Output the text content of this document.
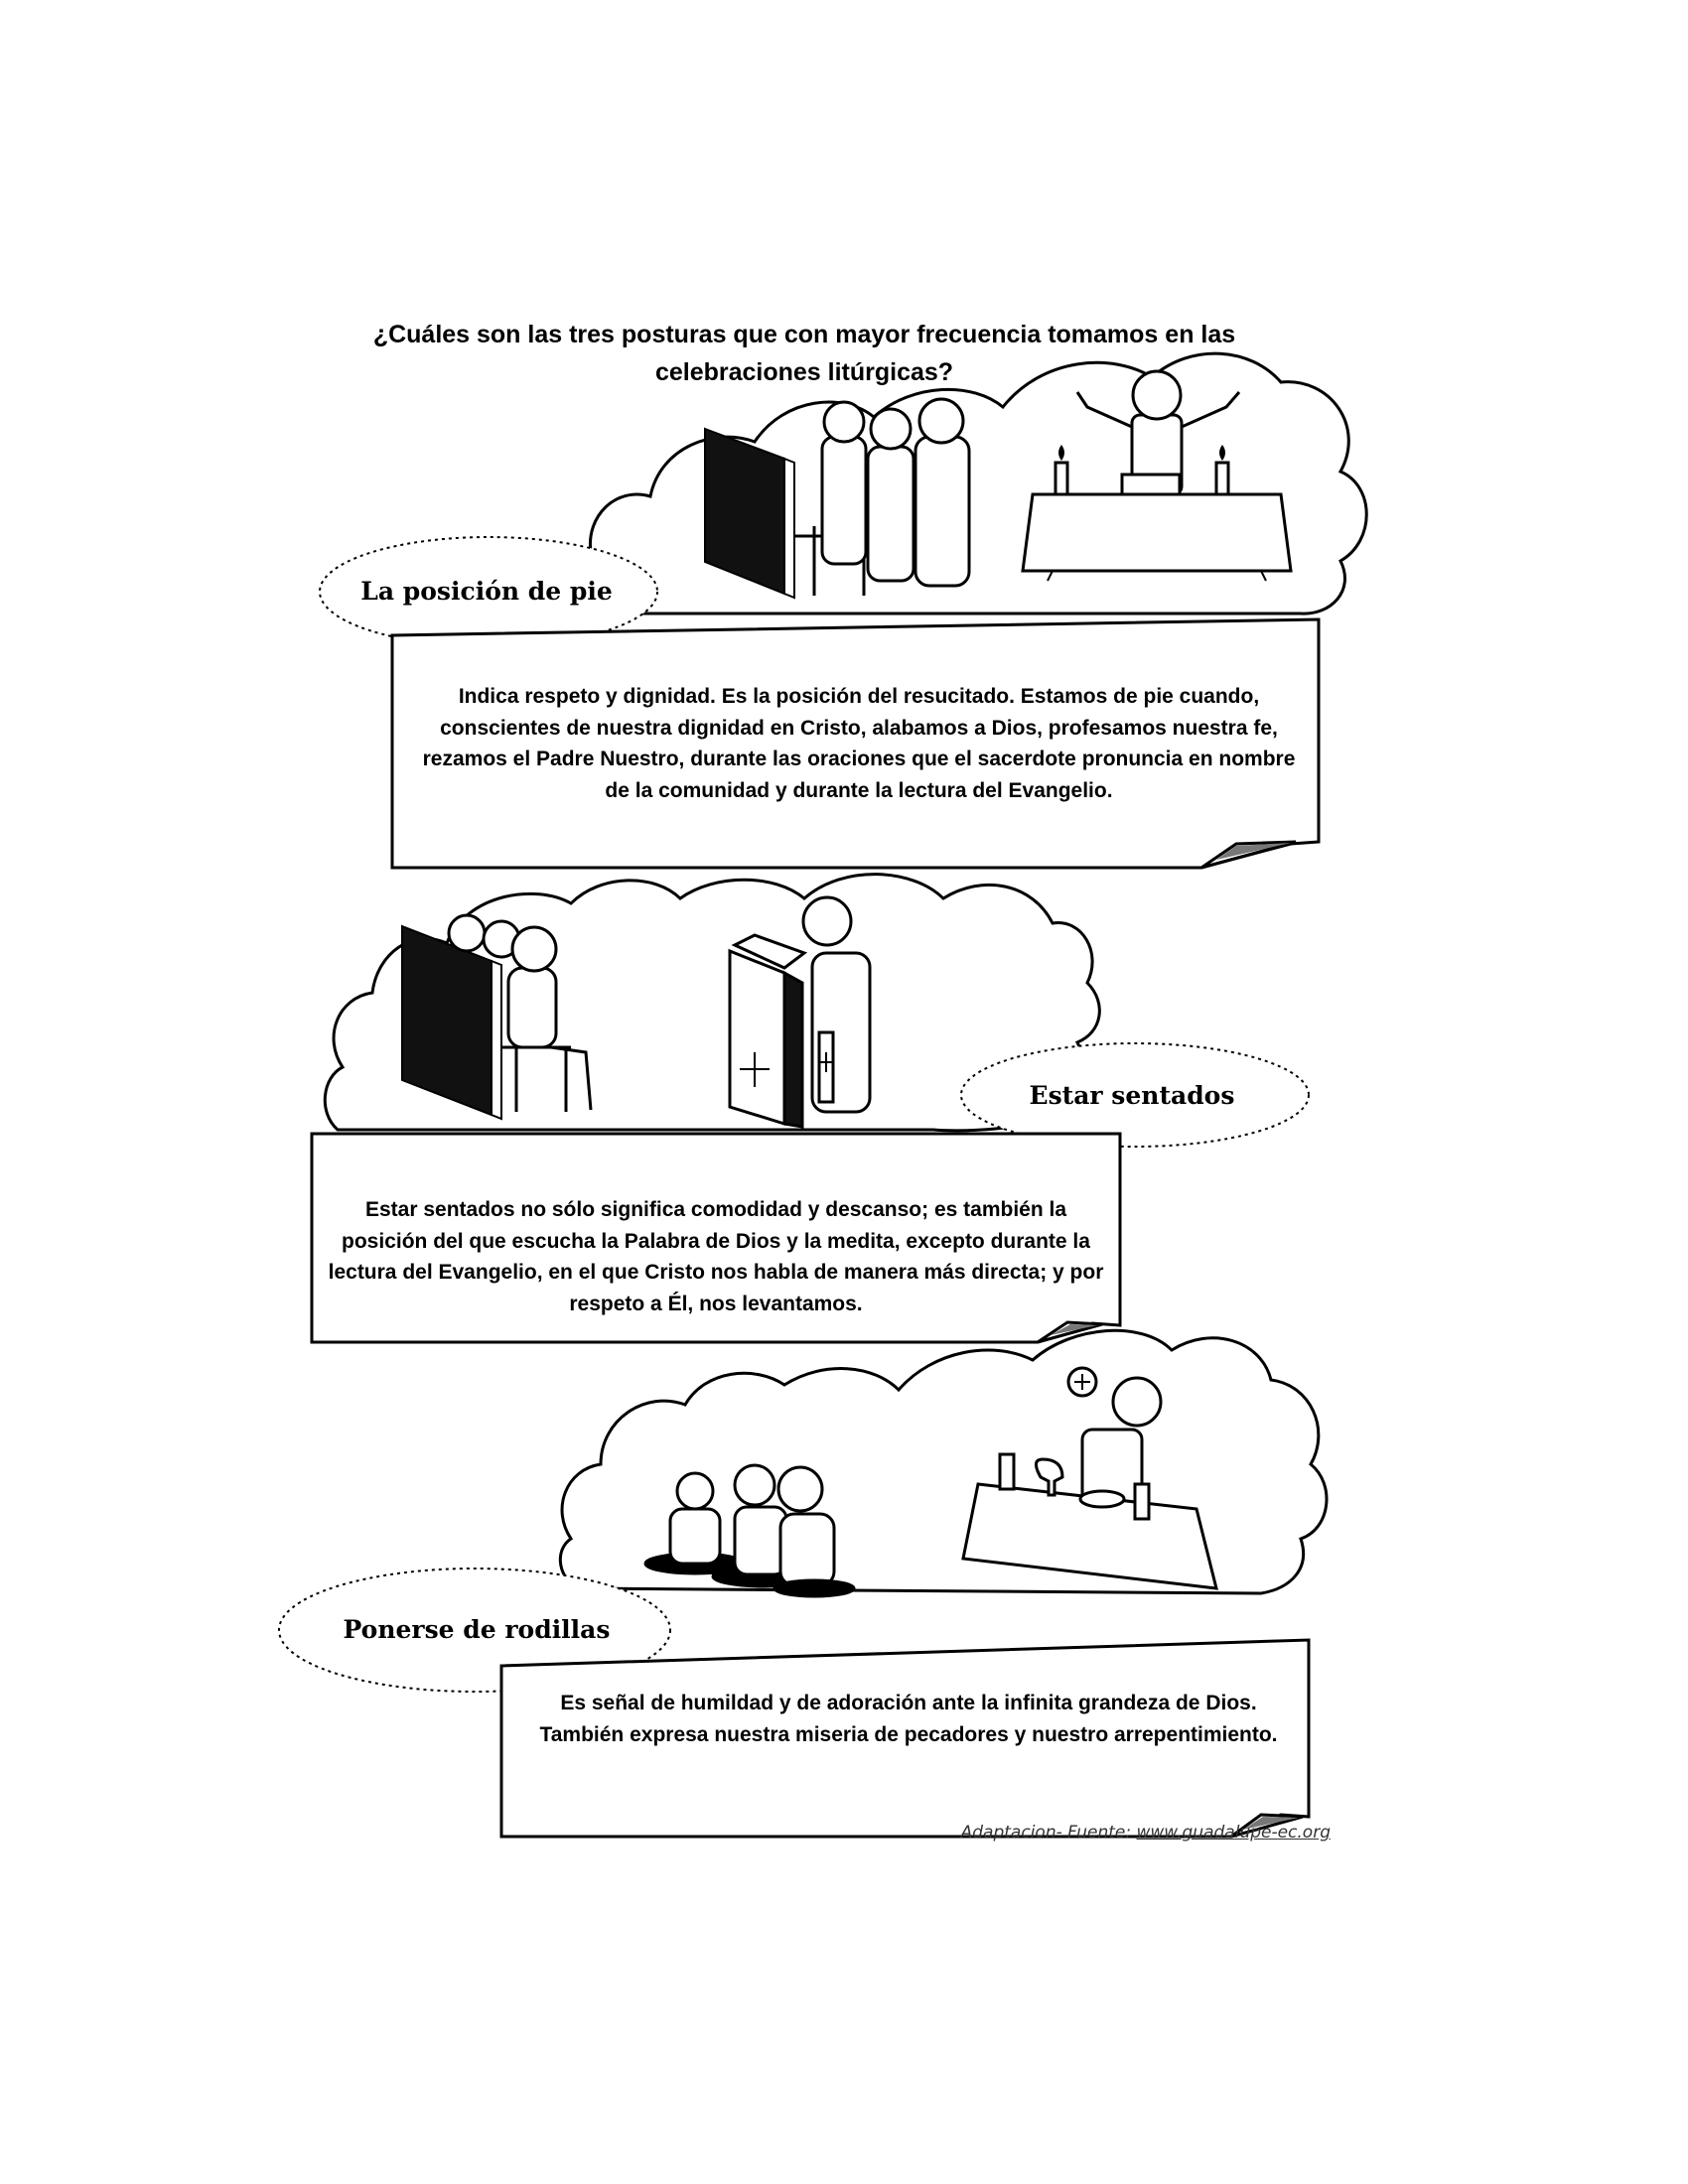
¿Cuáles son las tres posturas que con mayor frecuencia tomamos en las celebraciones litúrgicas?
La posición de pie
Estar sentados
Ponerse de rodillas

Indica respeto y dignidad. Es la posición del resucitado. Estamos de pie cuando, conscientes de nuestra dignidad en Cristo, alabamos a Dios, profesamos nuestra fe, rezamos el Padre Nuestro, durante las oraciones que el sacerdote pronuncia en nombre de la comunidad y durante la lectura del Evangelio.

Estar sentados no sólo significa comodidad y descanso; es también la posición del que escucha la Palabra de Dios y la medita, excepto durante la lectura del Evangelio, en el que Cristo nos habla de manera más directa; y por respeto a Él, nos levantamos.

Es señal de humildad y de adoración ante la infinita grandeza de Dios. También expresa nuestra miseria de pecadores y nuestro arrepentimiento.

Adaptacion- Fuente: www.guadalupe-ec.org
